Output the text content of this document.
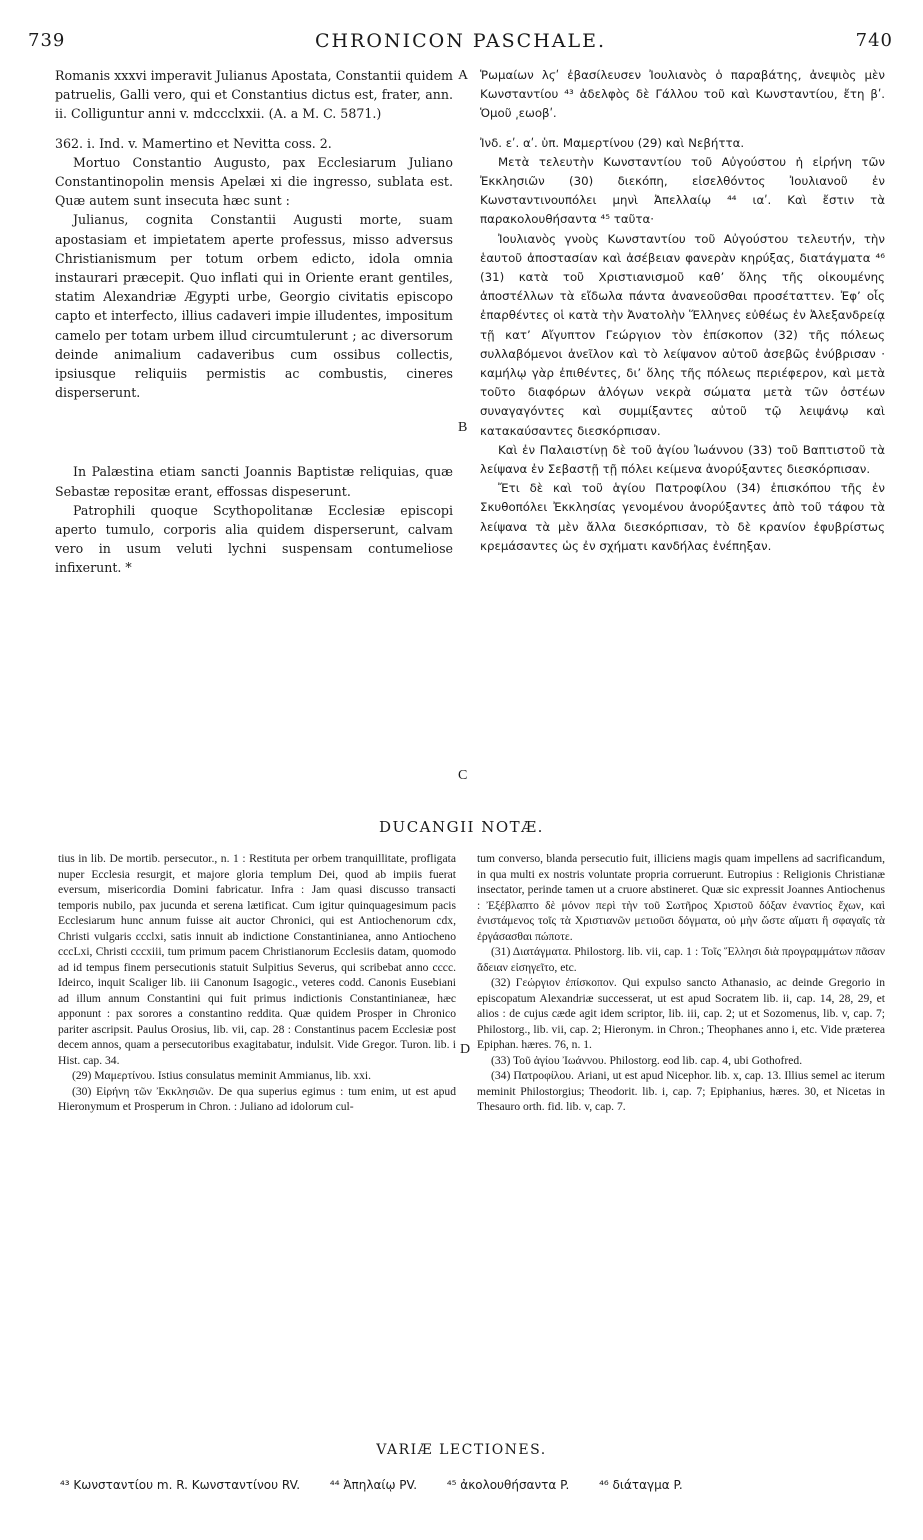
739	CHRONICON PASCHALE.	740

Romanis xxxvi imperavit Julianus Apostata, Constantii quidem patruelis, Galli vero, qui et Constantius dictus est, frater, ann. ii. Colliguntur anni v. mdccclxxii. (A. a M. C. 5871.)

362. i. Ind. v. Mamertino et Nevitta coss. 2.

Mortuo Constantio Augusto, pax Ecclesiarum Juliano Constantinopolin mensis Apelæi xi die ingresso, sublata est. Quæ autem sunt insecuta hæc sunt :

Julianus, cognita Constantii Augusti morte, suam apostasiam et impietatem aperte professus, misso adversus Christianismum per totum orbem edicto, idola omnia instaurari præcepit. Quo inflati qui in Oriente erant gentiles, statim Alexandriæ Ægypti urbe, Georgio civitatis episcopo capto et interfecto, illius cadaveri impie illudentes, impositum camelo per totam urbem illud circumtulerunt ; ac diversorum deinde animalium cadaveribus cum ossibus collectis, ipsiusque reliquiis permistis ac combustis, cineres disperserunt.

In Palæstina etiam sancti Joannis Baptistæ reliquias, quæ Sebastæ repositæ erant, effossas dispeserunt.

Patrophili quoque Scythopolitanæ Ecclesiæ episcopi aperto tumulo, corporis alia quidem disperserunt, calvam vero in usum veluti lychni suspensam contumeliose infixerunt. *

Ῥωμαίων λϛʹ ἐβασίλευσεν Ἰουλιανὸς ὁ παραβάτης, ἀνεψιὸς μὲν Κωνσταντίου ⁴³ ἀδελφὸς δὲ Γάλλου τοῦ καὶ Κωνσταντίου, ἔτη βʹ. Ὁμοῦ ͵εωοβʹ.

Ἰνδ. εʹ. αʹ. ὑπ. Μαμερτίνου (29) καὶ Νεβήττα.

Μετὰ τελευτὴν Κωνσταντίου τοῦ Αὐγούστου ἡ εἰρήνη τῶν Ἐκκλησιῶν (30) διεκόπη, εἰσελθόντος Ἰουλιανοῦ ἐν Κωνσταντινουπόλει μηνὶ Ἀπελλαίῳ ⁴⁴ ιαʹ. Καὶ ἔστιν τὰ παρακολουθήσαντα ⁴⁵ ταῦτα·

Ἰουλιανὸς γνοὺς Κωνσταντίου τοῦ Αὐγούστου τελευτήν, τὴν ἑαυτοῦ ἀποστασίαν καὶ ἀσέβειαν φανερὰν κηρύξας, διατάγματα ⁴⁶ (31) κατὰ τοῦ Χριστιανισμοῦ καθ’ ὅλης τῆς οἰκουμένης ἀποστέλλων τὰ εἴδωλα πάντα ἀνανεοῦσθαι προσέταττεν. Ἐφ’ οἷς ἐπαρθέντες οἱ κατὰ τὴν Ἀνατολὴν Ἕλληνες εὐθέως ἐν Ἀλεξανδρείᾳ τῇ κατ’ Αἴγυπτον Γεώργιον τὸν ἐπίσκοπον (32) τῆς πόλεως συλλαβόμενοι ἀνεῖλον καὶ τὸ λείψανον αὐτοῦ ἀσεβῶς ἐνύβρισαν · καμήλῳ γὰρ ἐπιθέντες, δι’ ὅλης τῆς πόλεως περιέφερον, καὶ μετὰ τοῦτο διαφόρων ἀλόγων νεκρὰ σώματα μετὰ τῶν ὀστέων συναγαγόντες καὶ συμμίξαντες αὐτοῦ τῷ λειψάνῳ καὶ κατακαύσαντες διεσκόρπισαν.

Καὶ ἐν Παλαιστίνῃ δὲ τοῦ ἁγίου Ἰωάννου (33) τοῦ Βαπτιστοῦ τὰ λείψανα ἐν Σεβαστῇ τῇ πόλει κείμενα ἀνορύξαντες διεσκόρπισαν.

Ἔτι δὲ καὶ τοῦ ἁγίου Πατροφίλου (34) ἐπισκόπου τῆς ἐν Σκυθοπόλει Ἐκκλησίας γενομένου ἀνορύξαντες ἀπὸ τοῦ τάφου τὰ λείψανα τὰ μὲν ἄλλα διεσκόρπισαν, τὸ δὲ κρανίον ἐφυβρίστως κρεμάσαντες ὡς ἐν σχήματι κανδήλας ἐνέπηξαν.

A
B
C
D
DUCANGII NOTÆ.

tius in lib. De mortib. persecutor., n. 1 : Restituta per orbem tranquillitate, profligata nuper Ecclesia resurgit, et majore gloria templum Dei, quod ab impiis fuerat eversum, misericordia Domini fabricatur. Infra : Jam quasi discusso transacti temporis nubilo, pax jucunda et serena lætificat. Cum igitur quinquagesimum pacis Ecclesiarum hunc annum fuisse ait auctor Chronici, qui est Antiochenorum cdx, Christi vulgaris ccclxi, satis innuit ab indictione Constantinianea, anno Antiocheno cccLxi, Christi cccxiii, tum primum pacem Christianorum Ecclesiis datam, quomodo ad id tempus finem persecutionis statuit Sulpitius Severus, qui scribebat anno cccc. Ideirco, inquit Scaliger lib. iii Canonum Isagogic., veteres codd. Canonis Eusebiani ad illum annum Constantini qui fuit primus indictionis Constantinianeæ, hæc apponunt : pax sorores a constantino reddita. Quæ quidem Prosper in Chronico pariter ascripsit. Paulus Orosius, lib. vii, cap. 28 : Constantinus pacem Ecclesiæ post decem annos, quam a persecutoribus exagitabatur, indulsit. Vide Gregor. Turon. lib. i Hist. cap. 34.

(29) Μαμερτίνου. Istius consulatus meminit Ammianus, lib. xxi.

(30) Εἰρήνη τῶν Ἐκκλησιῶν. De qua superius egimus : tum enim, ut est apud Hieronymum et Prosperum in Chron. : Juliano ad idolorum cul-

tum converso, blanda persecutio fuit, illiciens magis quam impellens ad sacrificandum, in qua multi ex nostris voluntate propria corruerunt. Eutropius : Religionis Christianæ insectator, perinde tamen ut a cruore abstineret. Quæ sic expressit Joannes Antiochenus : Ἐξέβλαπτο δὲ μόνον περὶ τὴν τοῦ Σωτῆρος Χριστοῦ δόξαν ἐναντίος ἔχων, καὶ ἐνιστάμενος τοῖς τὰ Χριστιανῶν μετιοῦσι δόγματα, οὐ μὴν ὥστε αἵματι ἢ σφαγαῖς τὰ ἐργάσασθαι πώποτε.

(31) Διατάγματα. Philostorg. lib. vii, cap. 1 : Τοῖς Ἕλλησι διὰ προγραμμάτων πᾶσαν ἄδειαν εἰσηγεῖτο, etc.

(32) Γεώργιον ἐπίσκοπον. Qui expulso sancto Athanasio, ac deinde Gregorio in episcopatum Alexandriæ successerat, ut est apud Socratem lib. ii, cap. 14, 28, 29, et alios : de cujus cæde agit idem scriptor, lib. iii, cap. 2; ut et Sozomenus, lib. v, cap. 7; Philostorg., lib. vii, cap. 2; Hieronym. in Chron.; Theophanes anno i, etc. Vide præterea Epiphan. hæres. 76, n. 1.

(33) Τοῦ ἁγίου Ἰωάννου. Philostorg. eod lib. cap. 4, ubi Gothofred.

(34) Πατροφίλου. Ariani, ut est apud Nicephor. lib. x, cap. 13. Illius semel ac iterum meminit Philostorgius; Theodorit. lib. i, cap. 7; Epiphanius, hæres. 30, et Nicetas in Thesauro orth. fid. lib. v, cap. 7.

VARIÆ LECTIONES.
⁴³ Κωνσταντίου m. R. Κωνσταντίνου RV. ⁴⁴ Ἀπηλαίῳ PV. ⁴⁵ ἀκολουθήσαντα P. ⁴⁶ διάταγμα P.
